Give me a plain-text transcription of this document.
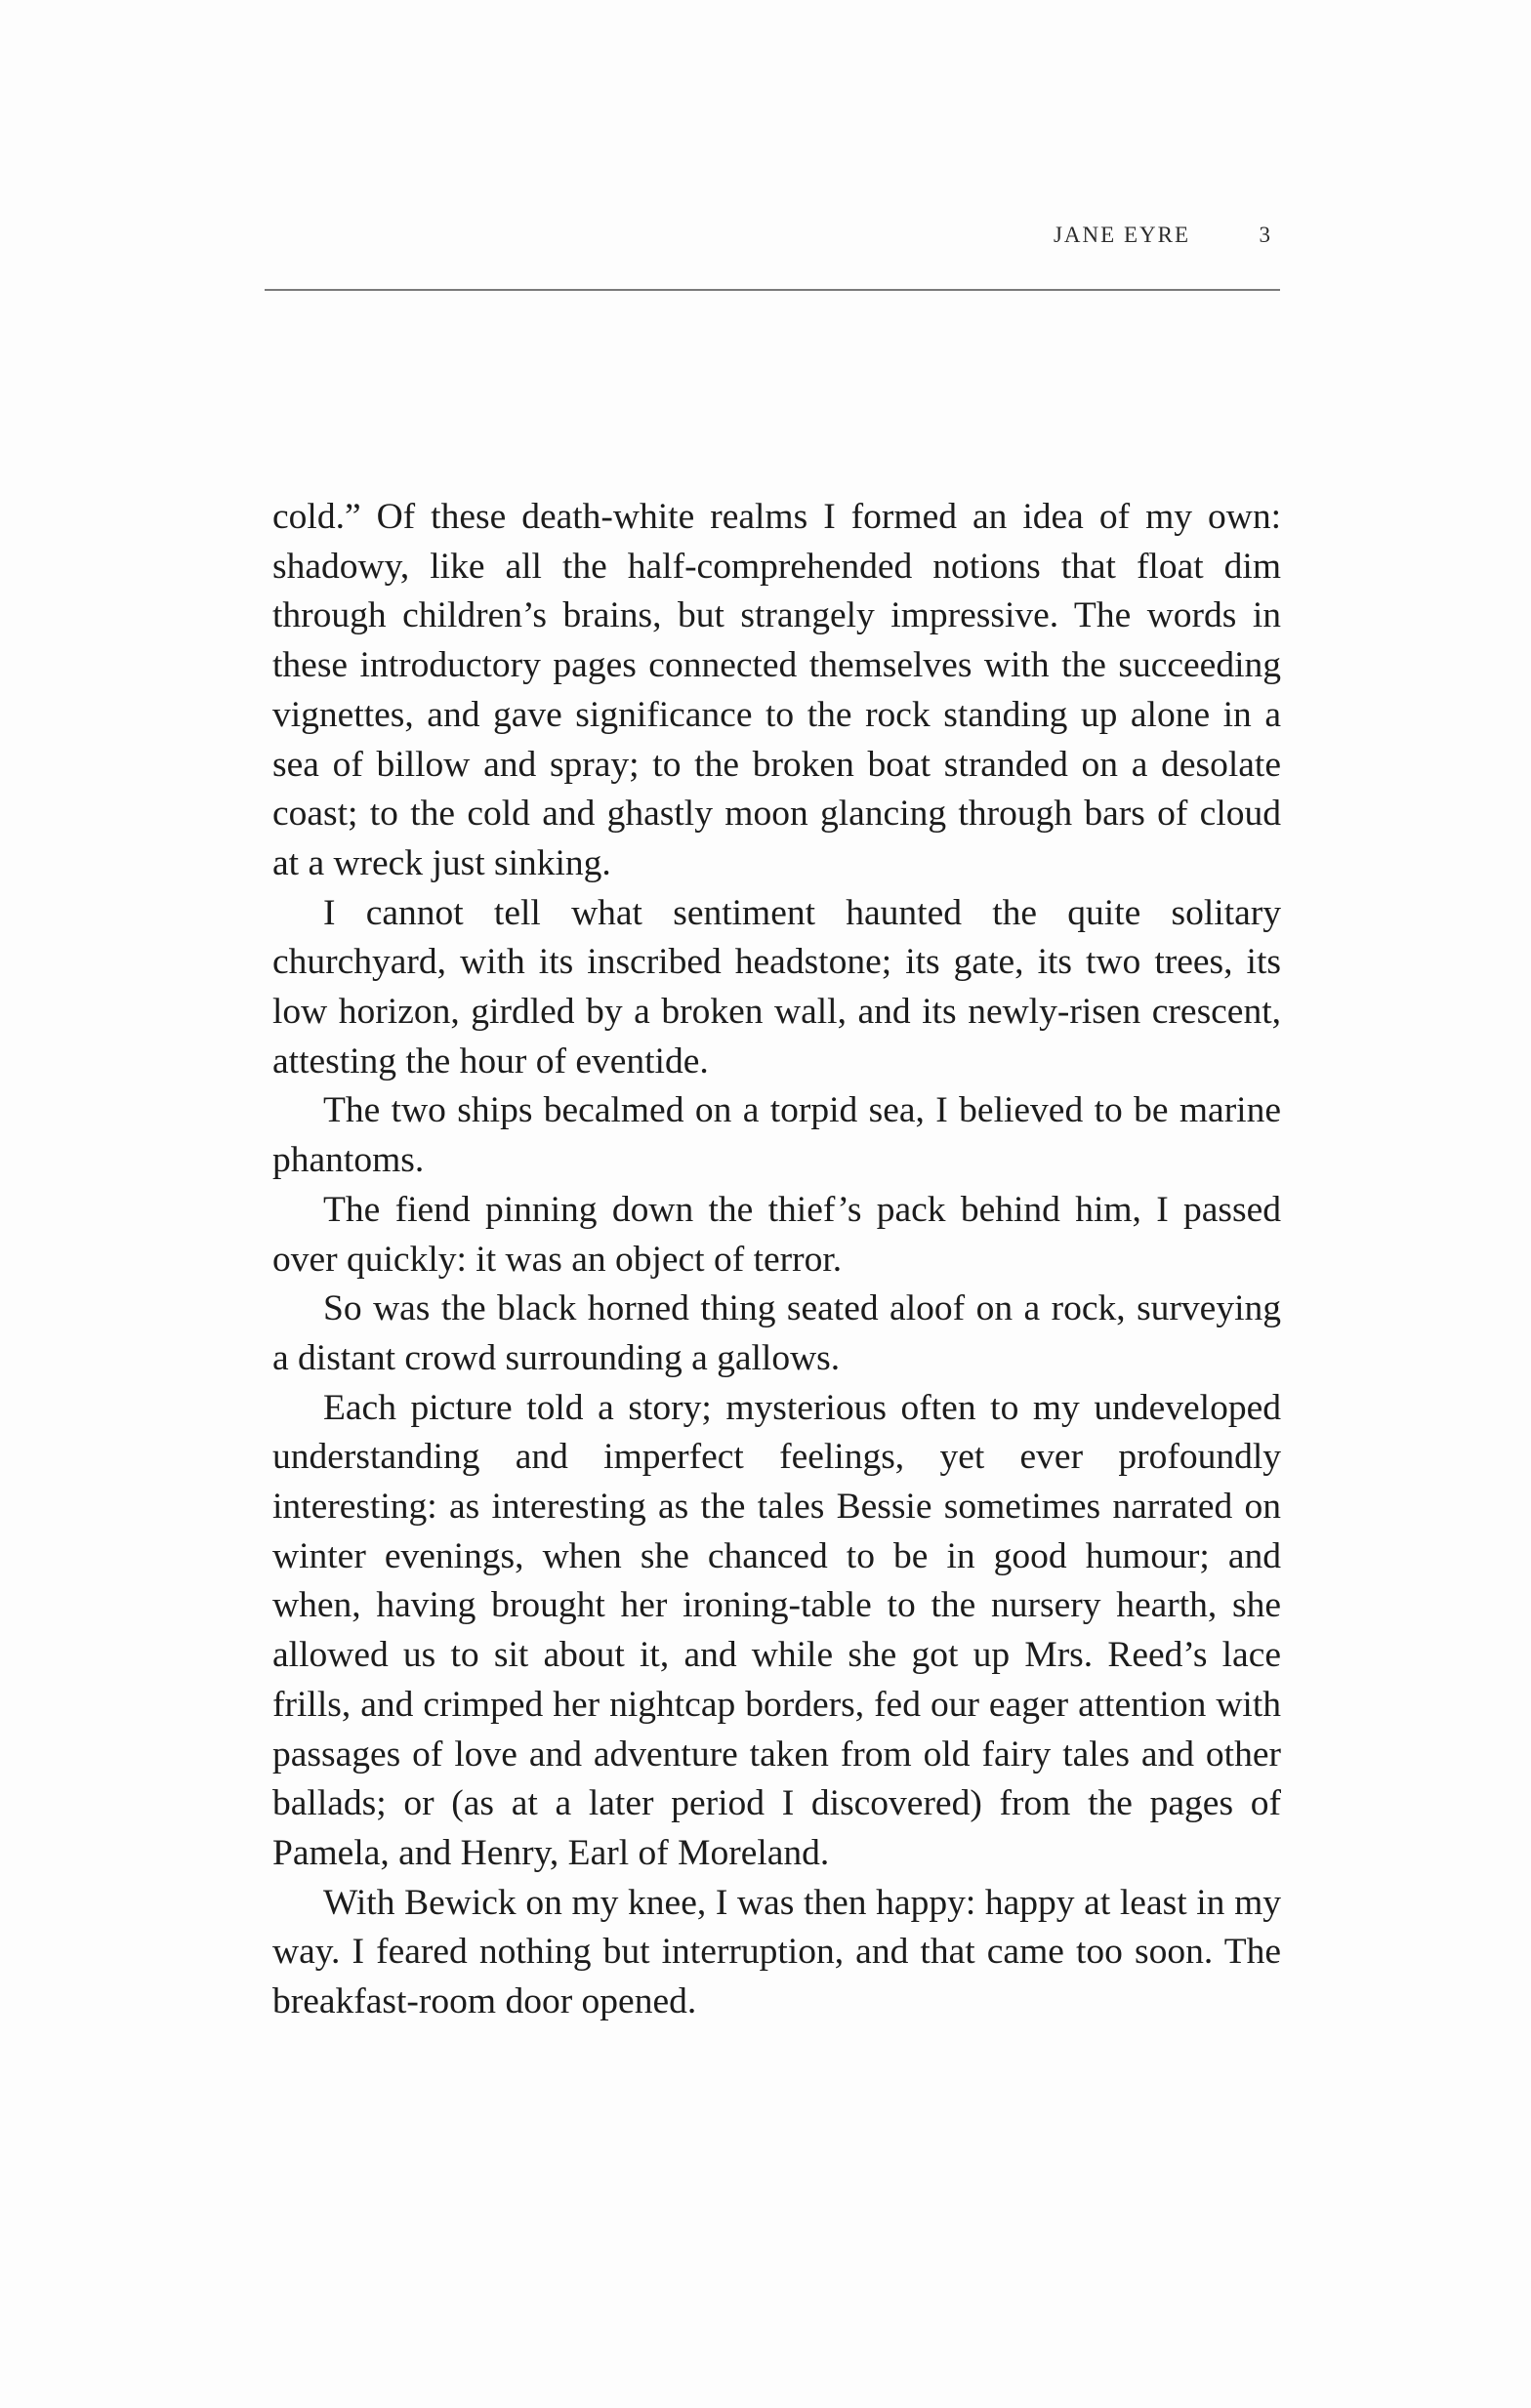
JANE EYRE	3

cold.” Of these death-white realms I formed an idea of my own: shadowy, like all the half-comprehended notions that float dim through children’s brains, but strangely impressive. The words in these introductory pages connected themselves with the succeeding vignettes, and gave significance to the rock standing up alone in a sea of billow and spray; to the broken boat stranded on a desolate coast; to the cold and ghastly moon glancing through bars of cloud at a wreck just sinking.

I cannot tell what sentiment haunted the quite solitary churchyard, with its inscribed headstone; its gate, its two trees, its low horizon, girdled by a broken wall, and its newly-risen crescent, attesting the hour of eventide.

The two ships becalmed on a torpid sea, I believed to be marine phantoms.

The fiend pinning down the thief’s pack behind him, I passed over quickly: it was an object of terror.

So was the black horned thing seated aloof on a rock, surveying a distant crowd surrounding a gallows.

Each picture told a story; mysterious often to my undeveloped understanding and imperfect feelings, yet ever profoundly interesting: as interesting as the tales Bessie sometimes narrated on winter evenings, when she chanced to be in good humour; and when, having brought her ironing-table to the nursery hearth, she allowed us to sit about it, and while she got up Mrs. Reed’s lace frills, and crimped her nightcap borders, fed our eager attention with passages of love and adventure taken from old fairy tales and other ballads; or (as at a later period I discovered) from the pages of Pamela, and Henry, Earl of Moreland.

With Bewick on my knee, I was then happy: happy at least in my way. I feared nothing but interruption, and that came too soon. The breakfast-room door opened.
